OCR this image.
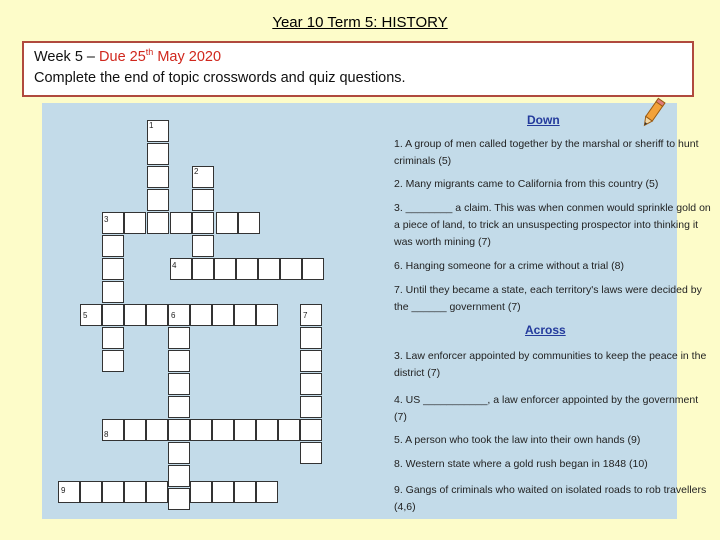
Year 10 Term 5: HISTORY
Week 5 – Due 25th May 2020
Complete the end of topic crosswords and quiz questions.
1
2
3
4
5	6	7
8
9
Down
1. A group of men called together by the marshal or sheriff to hunt criminals (5)
2. Many migrants came to California from this country (5)
3. ________ a claim. This was when conmen would sprinkle gold on a piece of land, to trick an unsuspecting prospector into thinking it was worth mining (7)
6. Hanging someone for a crime without a trial (8)
7. Until they became a state, each territory's laws were decided by the ______ government (7)
Across
3. Law enforcer appointed by communities to keep the peace in the district (7)
4. US ___________, a law enforcer appointed by the government (7)
5. A person who took the law into their own hands (9)
8. Western state where a gold rush began in 1848 (10)
9. Gangs of criminals who waited on isolated roads to rob travellers (4,6)
